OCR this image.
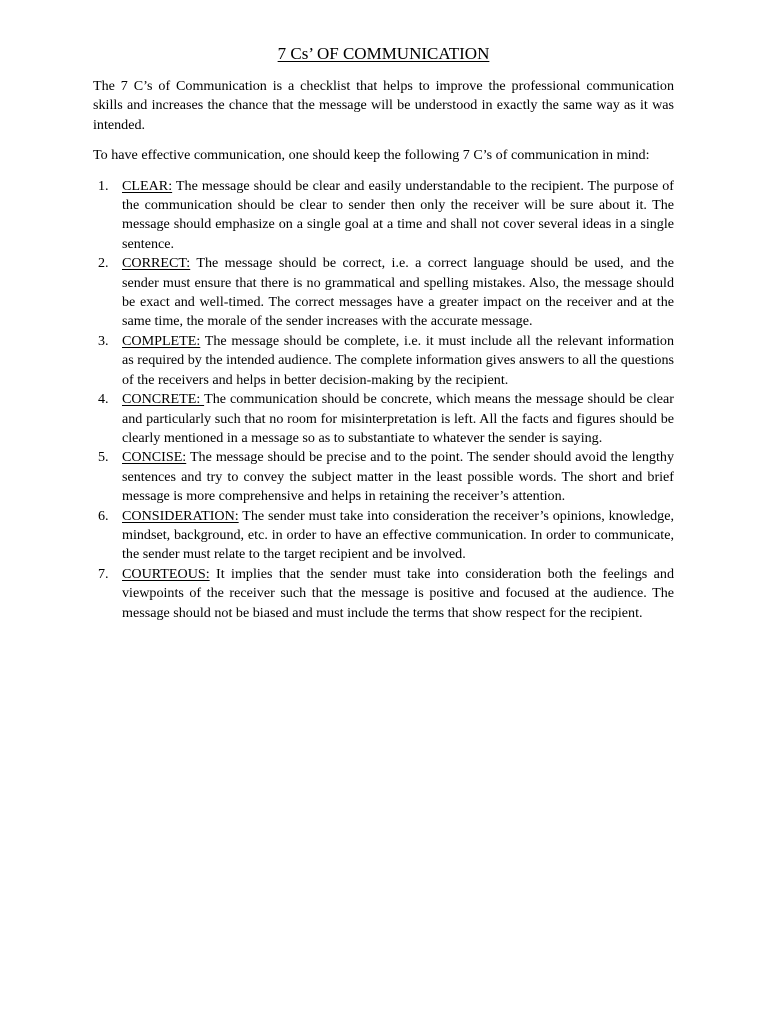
7 Cs’ OF COMMUNICATION

The 7 C’s of Communication is a checklist that helps to improve the professional communication skills and increases the chance that the message will be understood in exactly the same way as it was intended.

To have effective communication, one should keep the following 7 C’s of communication in mind:

1. CLEAR: The message should be clear and easily understandable to the recipient. The purpose of the communication should be clear to sender then only the receiver will be sure about it. The message should emphasize on a single goal at a time and shall not cover several ideas in a single sentence.
2. CORRECT: The message should be correct, i.e. a correct language should be used, and the sender must ensure that there is no grammatical and spelling mistakes. Also, the message should be exact and well-timed. The correct messages have a greater impact on the receiver and at the same time, the morale of the sender increases with the accurate message.
3. COMPLETE: The message should be complete, i.e. it must include all the relevant information as required by the intended audience. The complete information gives answers to all the questions of the receivers and helps in better decision-making by the recipient.
4. CONCRETE: The communication should be concrete, which means the message should be clear and particularly such that no room for misinterpretation is left. All the facts and figures should be clearly mentioned in a message so as to substantiate to whatever the sender is saying.
5. CONCISE: The message should be precise and to the point. The sender should avoid the lengthy sentences and try to convey the subject matter in the least possible words. The short and brief message is more comprehensive and helps in retaining the receiver’s attention.
6. CONSIDERATION: The sender must take into consideration the receiver’s opinions, knowledge, mindset, background, etc. in order to have an effective communication. In order to communicate, the sender must relate to the target recipient and be involved.
7. COURTEOUS: It implies that the sender must take into consideration both the feelings and viewpoints of the receiver such that the message is positive and focused at the audience. The message should not be biased and must include the terms that show respect for the recipient.
